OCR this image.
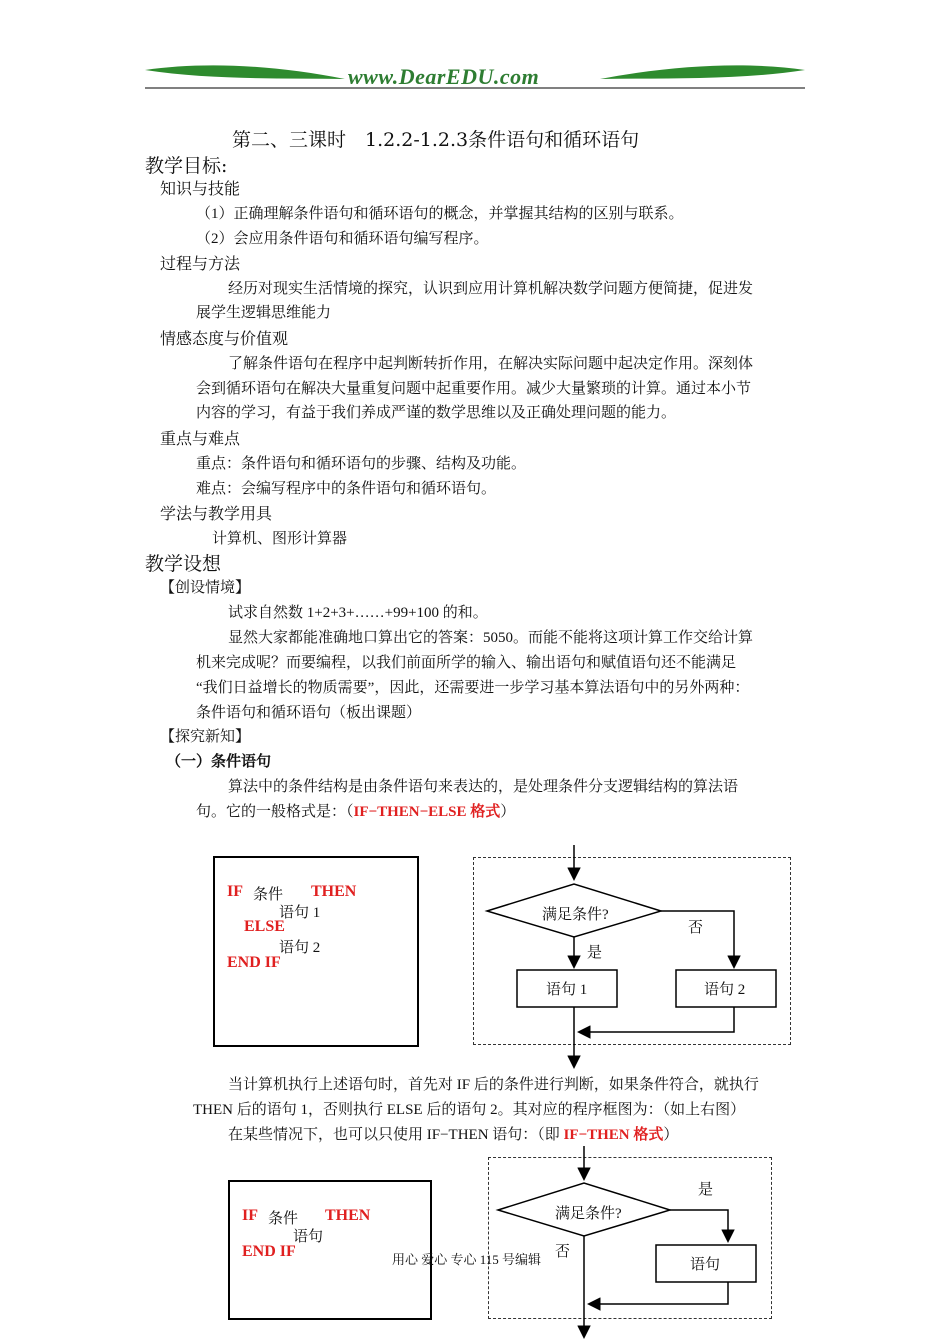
www.DearEDU.com
第二、三课时　1.2.2-1.2.3条件语句和循环语句
教学目标:
知识与技能
（1）正确理解条件语句和循环语句的概念，并掌握其结构的区别与联系。
（2）会应用条件语句和循环语句编写程序。
过程与方法
经历对现实生活情境的探究，认识到应用计算机解决数学问题方便简捷，促进发
展学生逻辑思维能力
情感态度与价值观
了解条件语句在程序中起判断转折作用，在解决实际问题中起决定作用。深刻体
会到循环语句在解决大量重复问题中起重要作用。减少大量繁琐的计算。通过本小节
内容的学习，有益于我们养成严谨的数学思维以及正确处理问题的能力。
重点与难点
重点：条件语句和循环语句的步骤、结构及功能。
难点：会编写程序中的条件语句和循环语句。
学法与教学用具
计算机、图形计算器
教学设想
【创设情境】
试求自然数 1+2+3+……+99+100 的和。
显然大家都能准确地口算出它的答案：5050。而能不能将这项计算工作交给计算
机来完成呢？而要编程，以我们前面所学的输入、输出语句和赋值语句还不能满足
“我们日益增长的物质需要”，因此，还需要进一步学习基本算法语句中的另外两种：
条件语句和循环语句（板出课题）
【探究新知】
（一）条件语句
算法中的条件结构是由条件语句来表达的，是处理条件分支逻辑结构的算法语
句。它的一般格式是：（IF−THEN−ELSE 格式）
IF 条件 THEN
语句 1
ELSE
语句 2
END IF
满足条件?
否
是
语句 1	语句 2
当计算机执行上述语句时，首先对 IF 后的条件进行判断，如果条件符合，就执行
THEN 后的语句 1，否则执行 ELSE 后的语句 2。其对应的程序框图为：（如上右图）
在某些情况下，也可以只使用 IF−THEN 语句：（即 IF−THEN 格式）
IF 条件 THEN
语句
END IF
满足条件?
是
否
语句
用心 爱心 专心 115 号编辑
